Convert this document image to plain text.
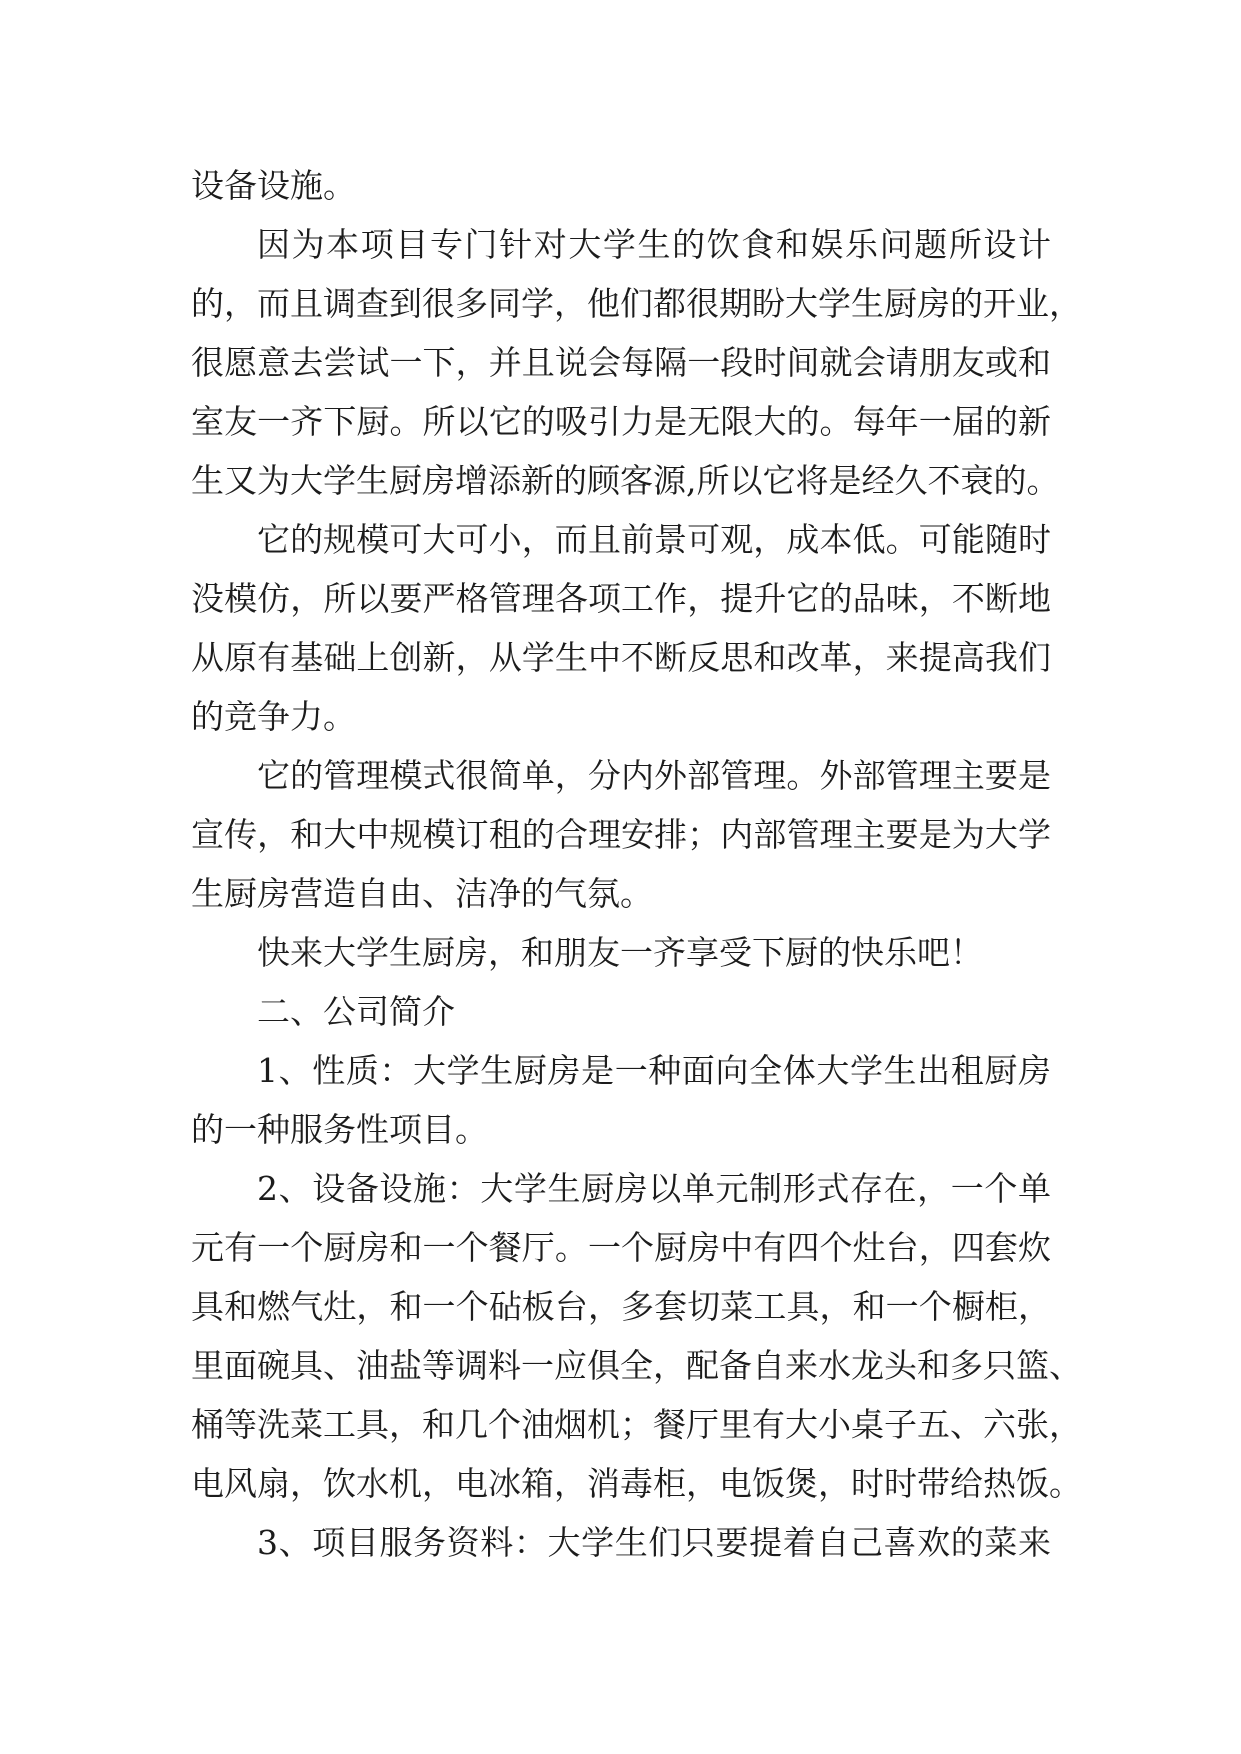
设备设施。
因为本项目专门针对大学生的饮食和娱乐问题所设计
的，而且调查到很多同学，他们都很期盼大学生厨房的开业，
很愿意去尝试一下，并且说会每隔一段时间就会请朋友或和
室友一齐下厨。所以它的吸引力是无限大的。每年一届的新
生又为大学生厨房增添新的顾客源,所以它将是经久不衰的。
它的规模可大可小，而且前景可观，成本低。可能随时
没模仿，所以要严格管理各项工作，提升它的品味，不断地
从原有基础上创新，从学生中不断反思和改革，来提高我们
的竞争力。
它的管理模式很简单，分内外部管理。外部管理主要是
宣传，和大中规模订租的合理安排；内部管理主要是为大学
生厨房营造自由、洁净的气氛。
快来大学生厨房，和朋友一齐享受下厨的快乐吧！
二、公司简介
1、性质：大学生厨房是一种面向全体大学生出租厨房
的一种服务性项目。
2、设备设施：大学生厨房以单元制形式存在，一个单
元有一个厨房和一个餐厅。一个厨房中有四个灶台，四套炊
具和燃气灶，和一个砧板台，多套切菜工具，和一个橱柜，
里面碗具、油盐等调料一应俱全，配备自来水龙头和多只篮、
桶等洗菜工具，和几个油烟机；餐厅里有大小桌子五、六张，
电风扇，饮水机，电冰箱，消毒柜，电饭煲，时时带给热饭。
3、项目服务资料：大学生们只要提着自己喜欢的菜来
